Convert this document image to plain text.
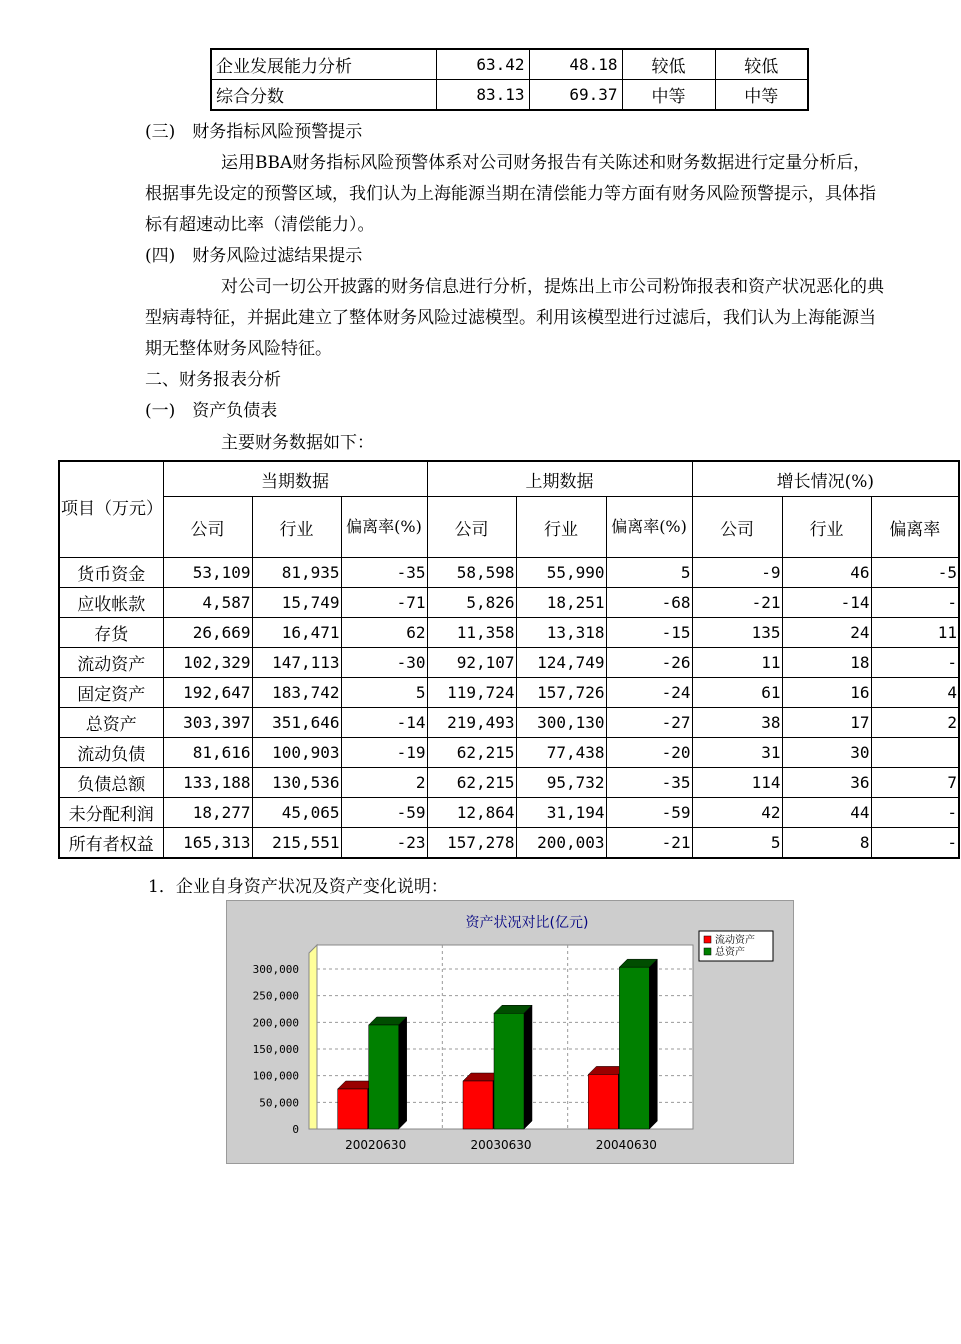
企业发展能力分析	63.42	48.18	较低	较低
综合分数	83.13	69.37	中等	中等
(三)　财务指标风险预警提示
运用BBA财务指标风险预警体系对公司财务报告有关陈述和财务数据进行定量分析后，根据事先设定的预警区域，我们认为上海能源当期在清偿能力等方面有财务风险预警提示，具体指标有超速动比率（清偿能力）。
(四)　财务风险过滤结果提示
对公司一切公开披露的财务信息进行分析，提炼出上市公司粉饰报表和资产状况恶化的典型病毒特征，并据此建立了整体财务风险过滤模型。利用该模型进行过滤后，我们认为上海能源当期无整体财务风险特征。
二、财务报表分析
(一)　资产负债表
主要财务数据如下：
项目（万元）	当期数据			上期数据			增长情况(%)		
	公司	行业	偏离率(%)	公司	行业	偏离率(%)	公司	行业	偏离率
货币资金	53,109	81,935	-35	58,598	55,990	5	-9	46	-5
应收帐款	4,587	15,749	-71	5,826	18,251	-68	-21	-14	-
存货	26,669	16,471	62	11,358	13,318	-15	135	24	11
流动资产	102,329	147,113	-30	92,107	124,749	-26	11	18	-
固定资产	192,647	183,742	5	119,724	157,726	-24	61	16	4
总资产	303,397	351,646	-14	219,493	300,130	-27	38	17	2
流动负债	81,616	100,903	-19	62,215	77,438	-20	31	30	
负债总额	133,188	130,536	2	62,215	95,732	-35	114	36	7
未分配利润	18,277	45,065	-59	12,864	31,194	-59	42	44	-
所有者权益	165,313	215,551	-23	157,278	200,003	-21	5	8	-
1．企业自身资产状况及资产变化说明：
0
50,000
100,000
150,000
200,000
250,000
300,000
资产状况对比(亿元)
20020630	20030630	20040630
流动资产
总资产
